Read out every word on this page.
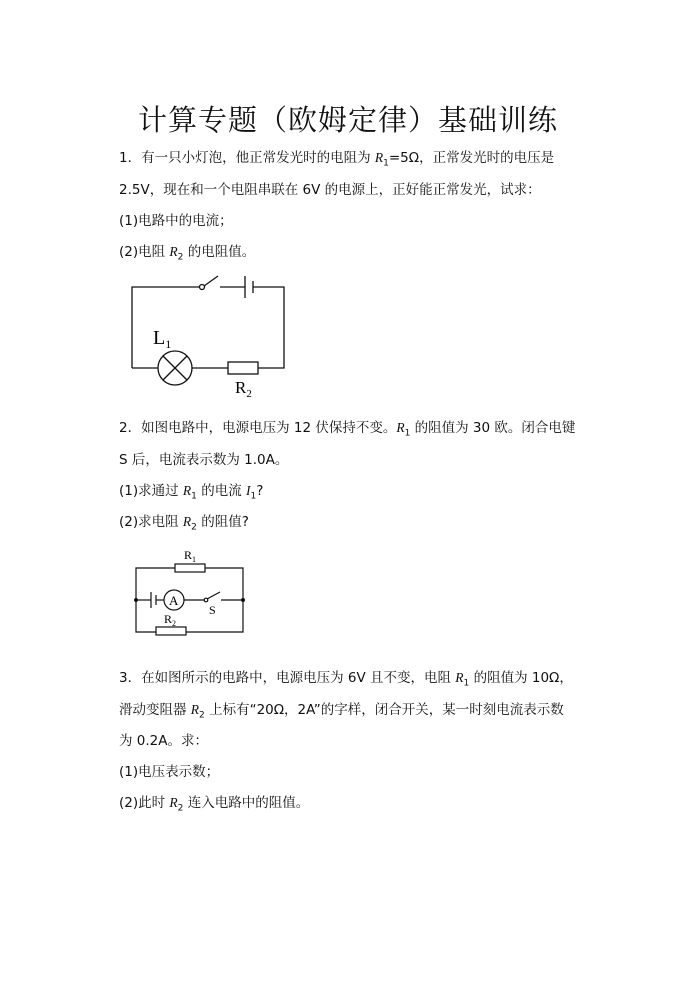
计算专题（欧姆定律）基础训练
1．有一只小灯泡，他正常发光时的电阻为 $R_1=5\Omega$，正常发光时的电压是
2.5V，现在和一个电阻串联在 6V 的电源上，正好能正常发光，试求：
(1)电路中的电流；
(2)电阻 $R_2$ 的电阻值。
$L_1$
$R_2$
2．如图电路中，电源电压为 12 伏保持不变。$R_1$ 的阻值为 30 欧。闭合电键
S 后，电流表示数为 1.0A。
(1)求通过 $R_1$ 的电流 $I_1$?
(2)求电阻 $R_2$ 的阻值?
A
S
$R_1$
$R_2$
3．在如图所示的电路中，电源电压为 6V 且不变，电阻 $R_1$ 的阻值为 10Ω，
滑动变阻器 $R_2$ 上标有“20Ω，2A”的字样，闭合开关，某一时刻电流表示数
为 0.2A。求：
(1)电压表示数；
(2)此时 $R_2$ 连入电路中的阻值。
